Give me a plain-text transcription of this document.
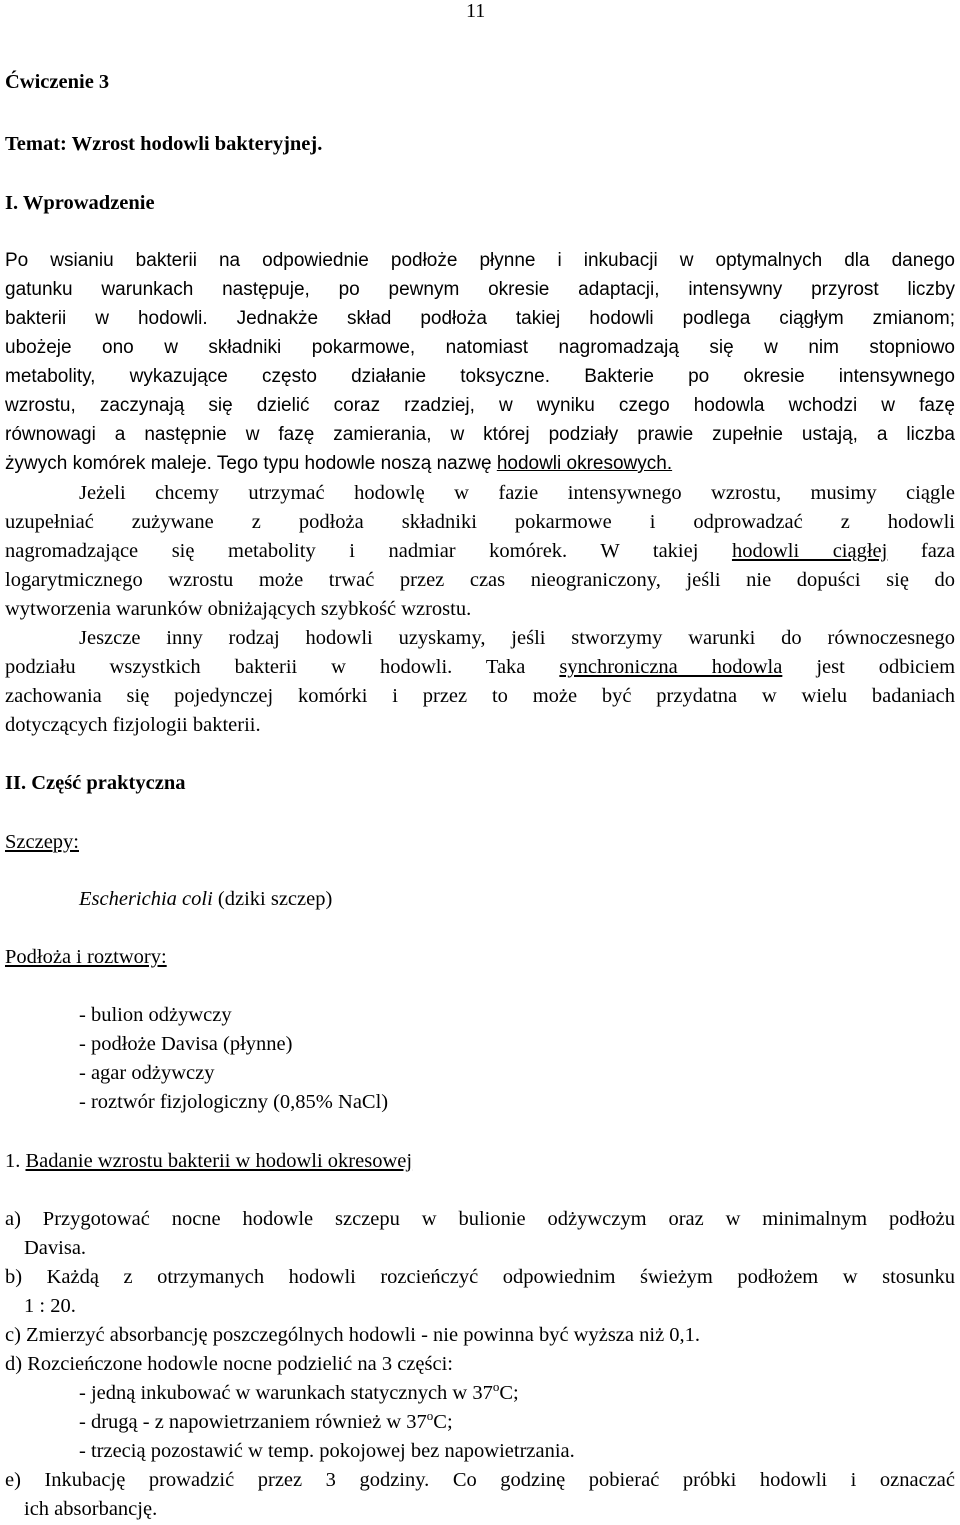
11
Ćwiczenie 3
Temat: Wzrost hodowli bakteryjnej.
I. Wprowadzenie
Po wsianiu bakterii na odpowiednie podłoże płynne i inkubacji w optymalnych dla danego
gatunku warunkach następuje, po pewnym okresie adaptacji, intensywny przyrost liczby
bakterii w hodowli. Jednakże skład podłoża takiej hodowli podlega ciągłym zmianom;
ubożeje ono w składniki pokarmowe, natomiast nagromadzają się w nim stopniowo
metabolity, wykazujące często działanie toksyczne. Bakterie po okresie intensywnego
wzrostu, zaczynają się dzielić coraz rzadziej, w wyniku czego hodowla wchodzi w fazę
równowagi a następnie w fazę zamierania, w której podziały prawie zupełnie ustają, a liczba
żywych komórek maleje. Tego typu hodowle noszą nazwę hodowli okresowych.
Jeżeli chcemy utrzymać hodowlę w fazie intensywnego wzrostu, musimy ciągle
uzupełniać zużywane z podłoża składniki pokarmowe i odprowadzać z hodowli
nagromadzające się metabolity i nadmiar komórek. W takiej hodowli ciągłej faza
logarytmicznego wzrostu może trwać przez czas nieograniczony, jeśli nie dopuści się do
wytworzenia warunków obniżających szybkość wzrostu.
Jeszcze inny rodzaj hodowli uzyskamy, jeśli stworzymy warunki do równoczesnego
podziału wszystkich bakterii w hodowli. Taka synchroniczna hodowla jest odbiciem
zachowania się pojedynczej komórki i przez to może być przydatna w wielu badaniach
dotyczących fizjologii bakterii.
II. Część praktyczna
Szczepy:
Escherichia coli (dziki szczep)
Podłoża i roztwory:
- bulion odżywczy
- podłoże Davisa (płynne)
- agar odżywczy
- roztwór fizjologiczny (0,85% NaCl)
1. Badanie wzrostu bakterii w hodowli okresowej
a) Przygotować nocne hodowle szczepu w bulionie odżywczym oraz w minimalnym podłożu
Davisa.
b) Każdą z otrzymanych hodowli rozcieńczyć odpowiednim świeżym podłożem w stosunku
1 : 20.
c) Zmierzyć absorbancję poszczególnych hodowli - nie powinna być wyższa niż 0,1.
d) Rozcieńczone hodowle nocne podzielić na 3 części:
- jedną inkubować w warunkach statycznych w 37$^o$C;
- drugą - z napowietrzaniem również w 37$^o$C;
- trzecią pozostawić w temp. pokojowej bez napowietrzania.
e) Inkubację prowadzić przez 3 godziny. Co godzinę pobierać próbki hodowli i oznaczać
ich absorbancję.
